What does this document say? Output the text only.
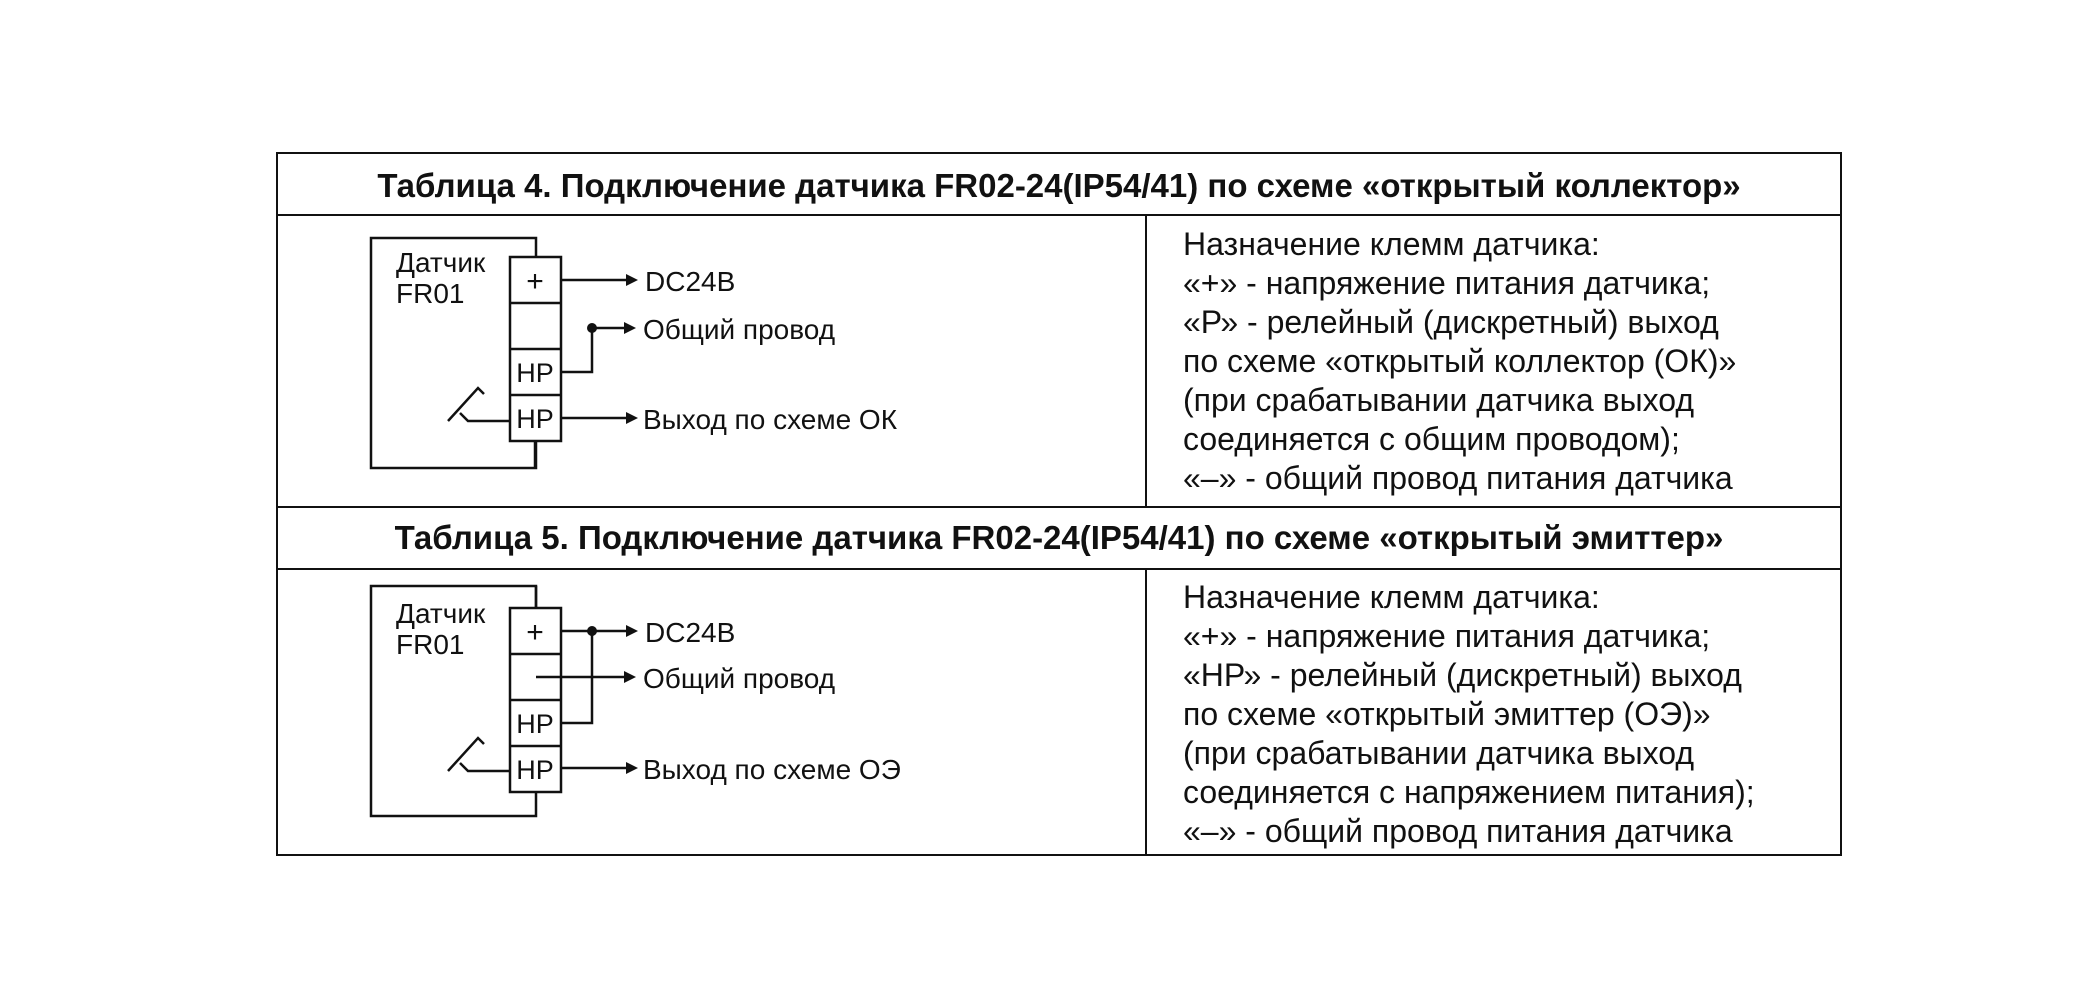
Таблица 4. Подключение датчика FR02-24(IP54/41) по схеме «открытый коллектор»
Датчик
FR01 +
НР
НР
DC24B
Общий провод
Выход по схеме ОК
Назначение клемм датчика:
«+» - напряжение питания датчика;
«Р» - релейный (дискретный) выход
по схеме «открытый коллектор (ОК)»
(при срабатывании датчика выход
соединяется с общим проводом);
«–» - общий провод питания датчика
Таблица 5. Подключение датчика FR02-24(IP54/41) по схеме «открытый эмиттер»
Датчик
FR01 +
НР
НР
DC24B
Общий провод
Выход по схеме ОЭ
Назначение клемм датчика:
«+» - напряжение питания датчика;
«НР» - релейный (дискретный) выход
по схеме «открытый эмиттер (ОЭ)»
(при срабатывании датчика выход
соединяется с напряжением питания);
«–» - общий провод питания датчика
